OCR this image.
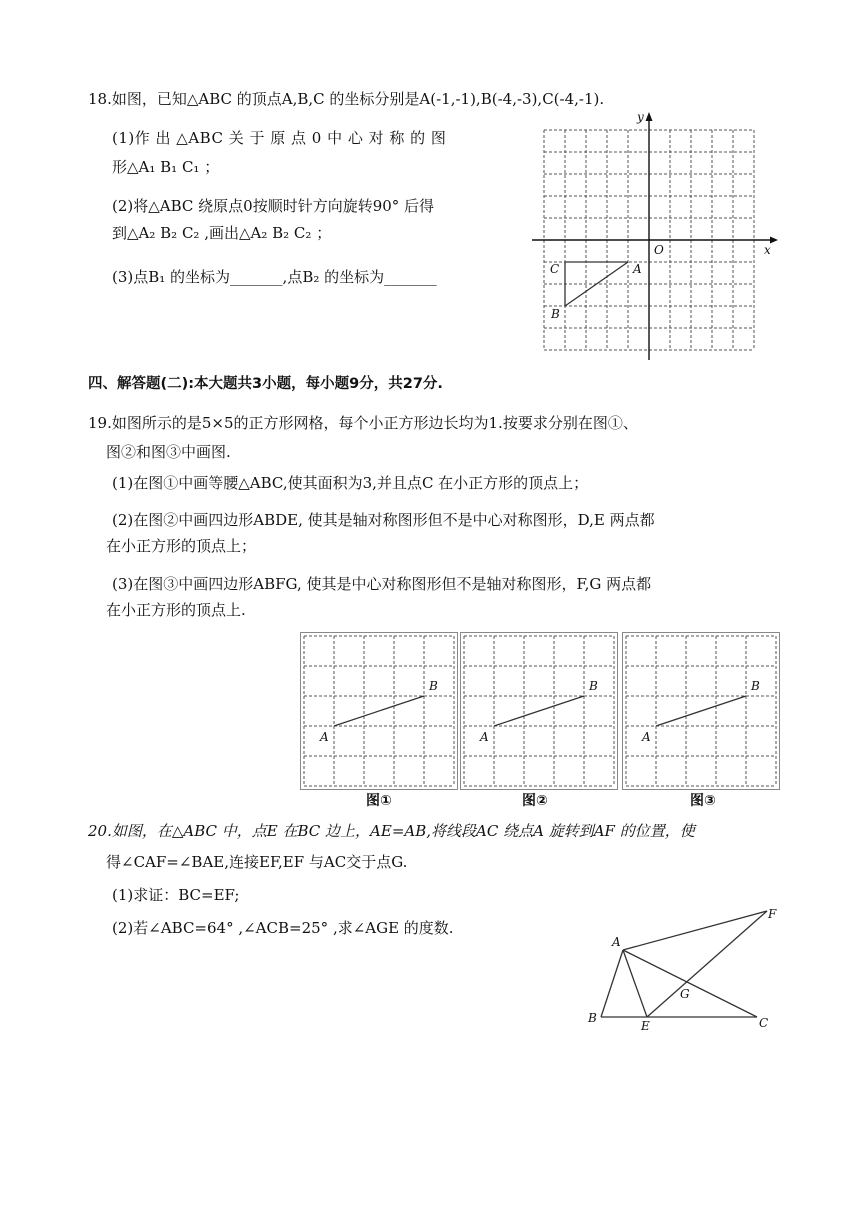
18.如图，已知△ABC 的顶点A,B,C 的坐标分别是A(-1,-1),B(-4,-3),C(-4,-1).
(1)作 出 △ABC 关 于 原 点 0 中 心 对 称 的 图
形△A₁ B₁ C₁ ；
(2)将△ABC 绕原点0按顺时针方向旋转90° 后得
到△A₂ B₂ C₂ ,画出△A₂ B₂ C₂ ；
(3)点B₁ 的坐标为_______,点B₂ 的坐标为_______
y
x
O
A
C
B
四、解答题(二):本大题共3小题，每小题9分，共27分.
19.如图所示的是5×5的正方形网格，每个小正方形边长均为1.按要求分别在图①、
图②和图③中画图.
(1)在图①中画等腰△ABC,使其面积为3,并且点C 在小正方形的顶点上；
(2)在图②中画四边形ABDE, 使其是轴对称图形但不是中心对称图形，D,E 两点都
在小正方形的顶点上；
(3)在图③中画四边形ABFG, 使其是中心对称图形但不是轴对称图形，F,G 两点都
在小正方形的顶点上.
A
B
图①
A
B
图②
A
B
图③
20.如图，在△ABC 中，点E 在BC 边上，AE=AB,将线段AC 绕点A 旋转到AF 的位置，使
得∠CAF=∠BAE,连接EF,EF 与AC交于点G.
(1)求证：BC=EF;
(2)若∠ABC=64° ,∠ACB=25° ,求∠AGE 的度数.
A
F
G
B
E	C
